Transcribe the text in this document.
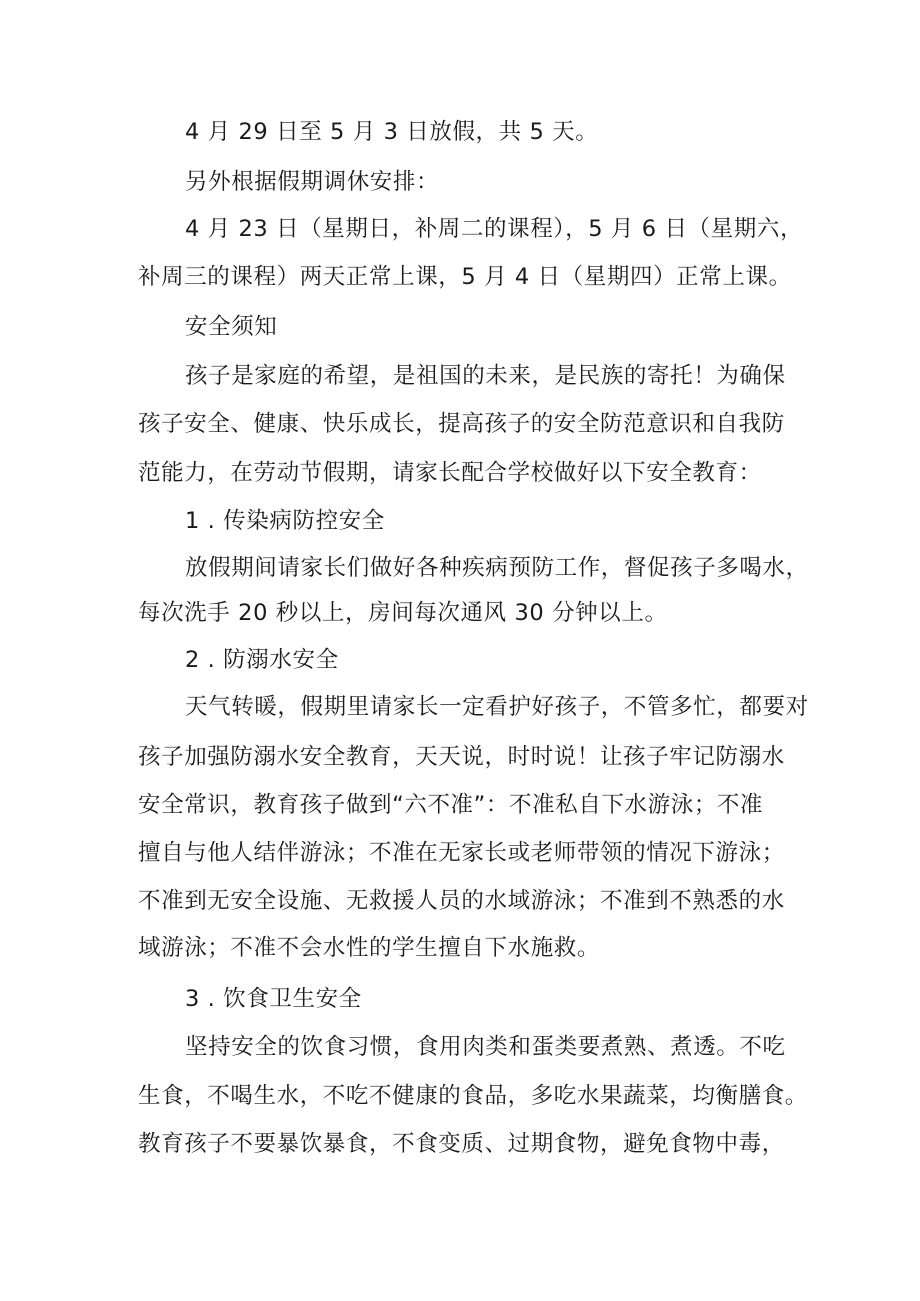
4 月 29 日至 5 月 3 日放假，共 5 天。
另外根据假期调休安排：
4 月 23 日（星期日，补周二的课程），5 月 6 日（星期六，
补周三的课程）两天正常上课，5 月 4 日（星期四）正常上课。
安全须知
孩子是家庭的希望，是祖国的未来，是民族的寄托！为确保
孩子安全、健康、快乐成长，提高孩子的安全防范意识和自我防
范能力，在劳动节假期，请家长配合学校做好以下安全教育：
1 . 传染病防控安全
放假期间请家长们做好各种疾病预防工作，督促孩子多喝水，
每次洗手 20 秒以上，房间每次通风 30 分钟以上。
2 . 防溺水安全
天气转暖，假期里请家长一定看护好孩子，不管多忙，都要对
孩子加强防溺水安全教育，天天说，时时说！让孩子牢记防溺水
安全常识，教育孩子做到“六不准”：不准私自下水游泳；不准
擅自与他人结伴游泳；不准在无家长或老师带领的情况下游泳；
不准到无安全设施、无救援人员的水域游泳；不准到不熟悉的水
域游泳；不准不会水性的学生擅自下水施救。
3 . 饮食卫生安全
坚持安全的饮食习惯，食用肉类和蛋类要煮熟、煮透。不吃
生食，不喝生水，不吃不健康的食品，多吃水果蔬菜，均衡膳食。
教育孩子不要暴饮暴食，不食变质、过期食物，避免食物中毒，
